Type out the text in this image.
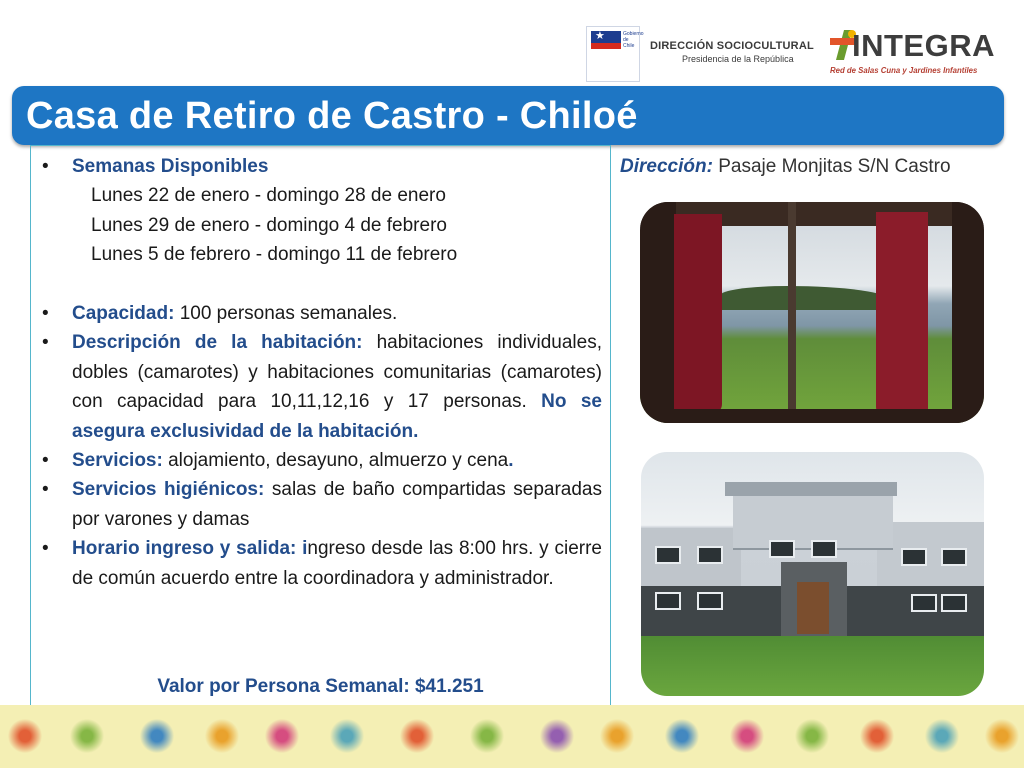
★	Gobierno de Chile	DIRECCIÓN SOCIOCULTURAL
Presidencia de la República	INTEGRA
Red de Salas Cuna y Jardines Infantiles
Casa de Retiro de Castro - Chiloé
• Semanas Disponibles
Lunes 22 de enero - domingo 28 de enero
Lunes 29 de enero - domingo 4 de febrero
Lunes 5 de febrero - domingo 11 de febrero
• Capacidad: 100 personas semanales.
• Descripción de la habitación: habitaciones individuales, dobles (camarotes) y habitaciones comunitarias (camarotes) con capacidad para 10,11,12,16 y 17 personas. No se asegura exclusividad de la habitación.
• Servicios: alojamiento, desayuno, almuerzo y cena.
• Servicios higiénicos: salas de baño compartidas separadas por varones y damas
• Horario ingreso y salida: ingreso desde las 8:00 hrs. y cierre de común acuerdo entre la coordinadora y administrador.
Valor por Persona Semanal: $41.251
Dirección: Pasaje Monjitas S/N Castro
